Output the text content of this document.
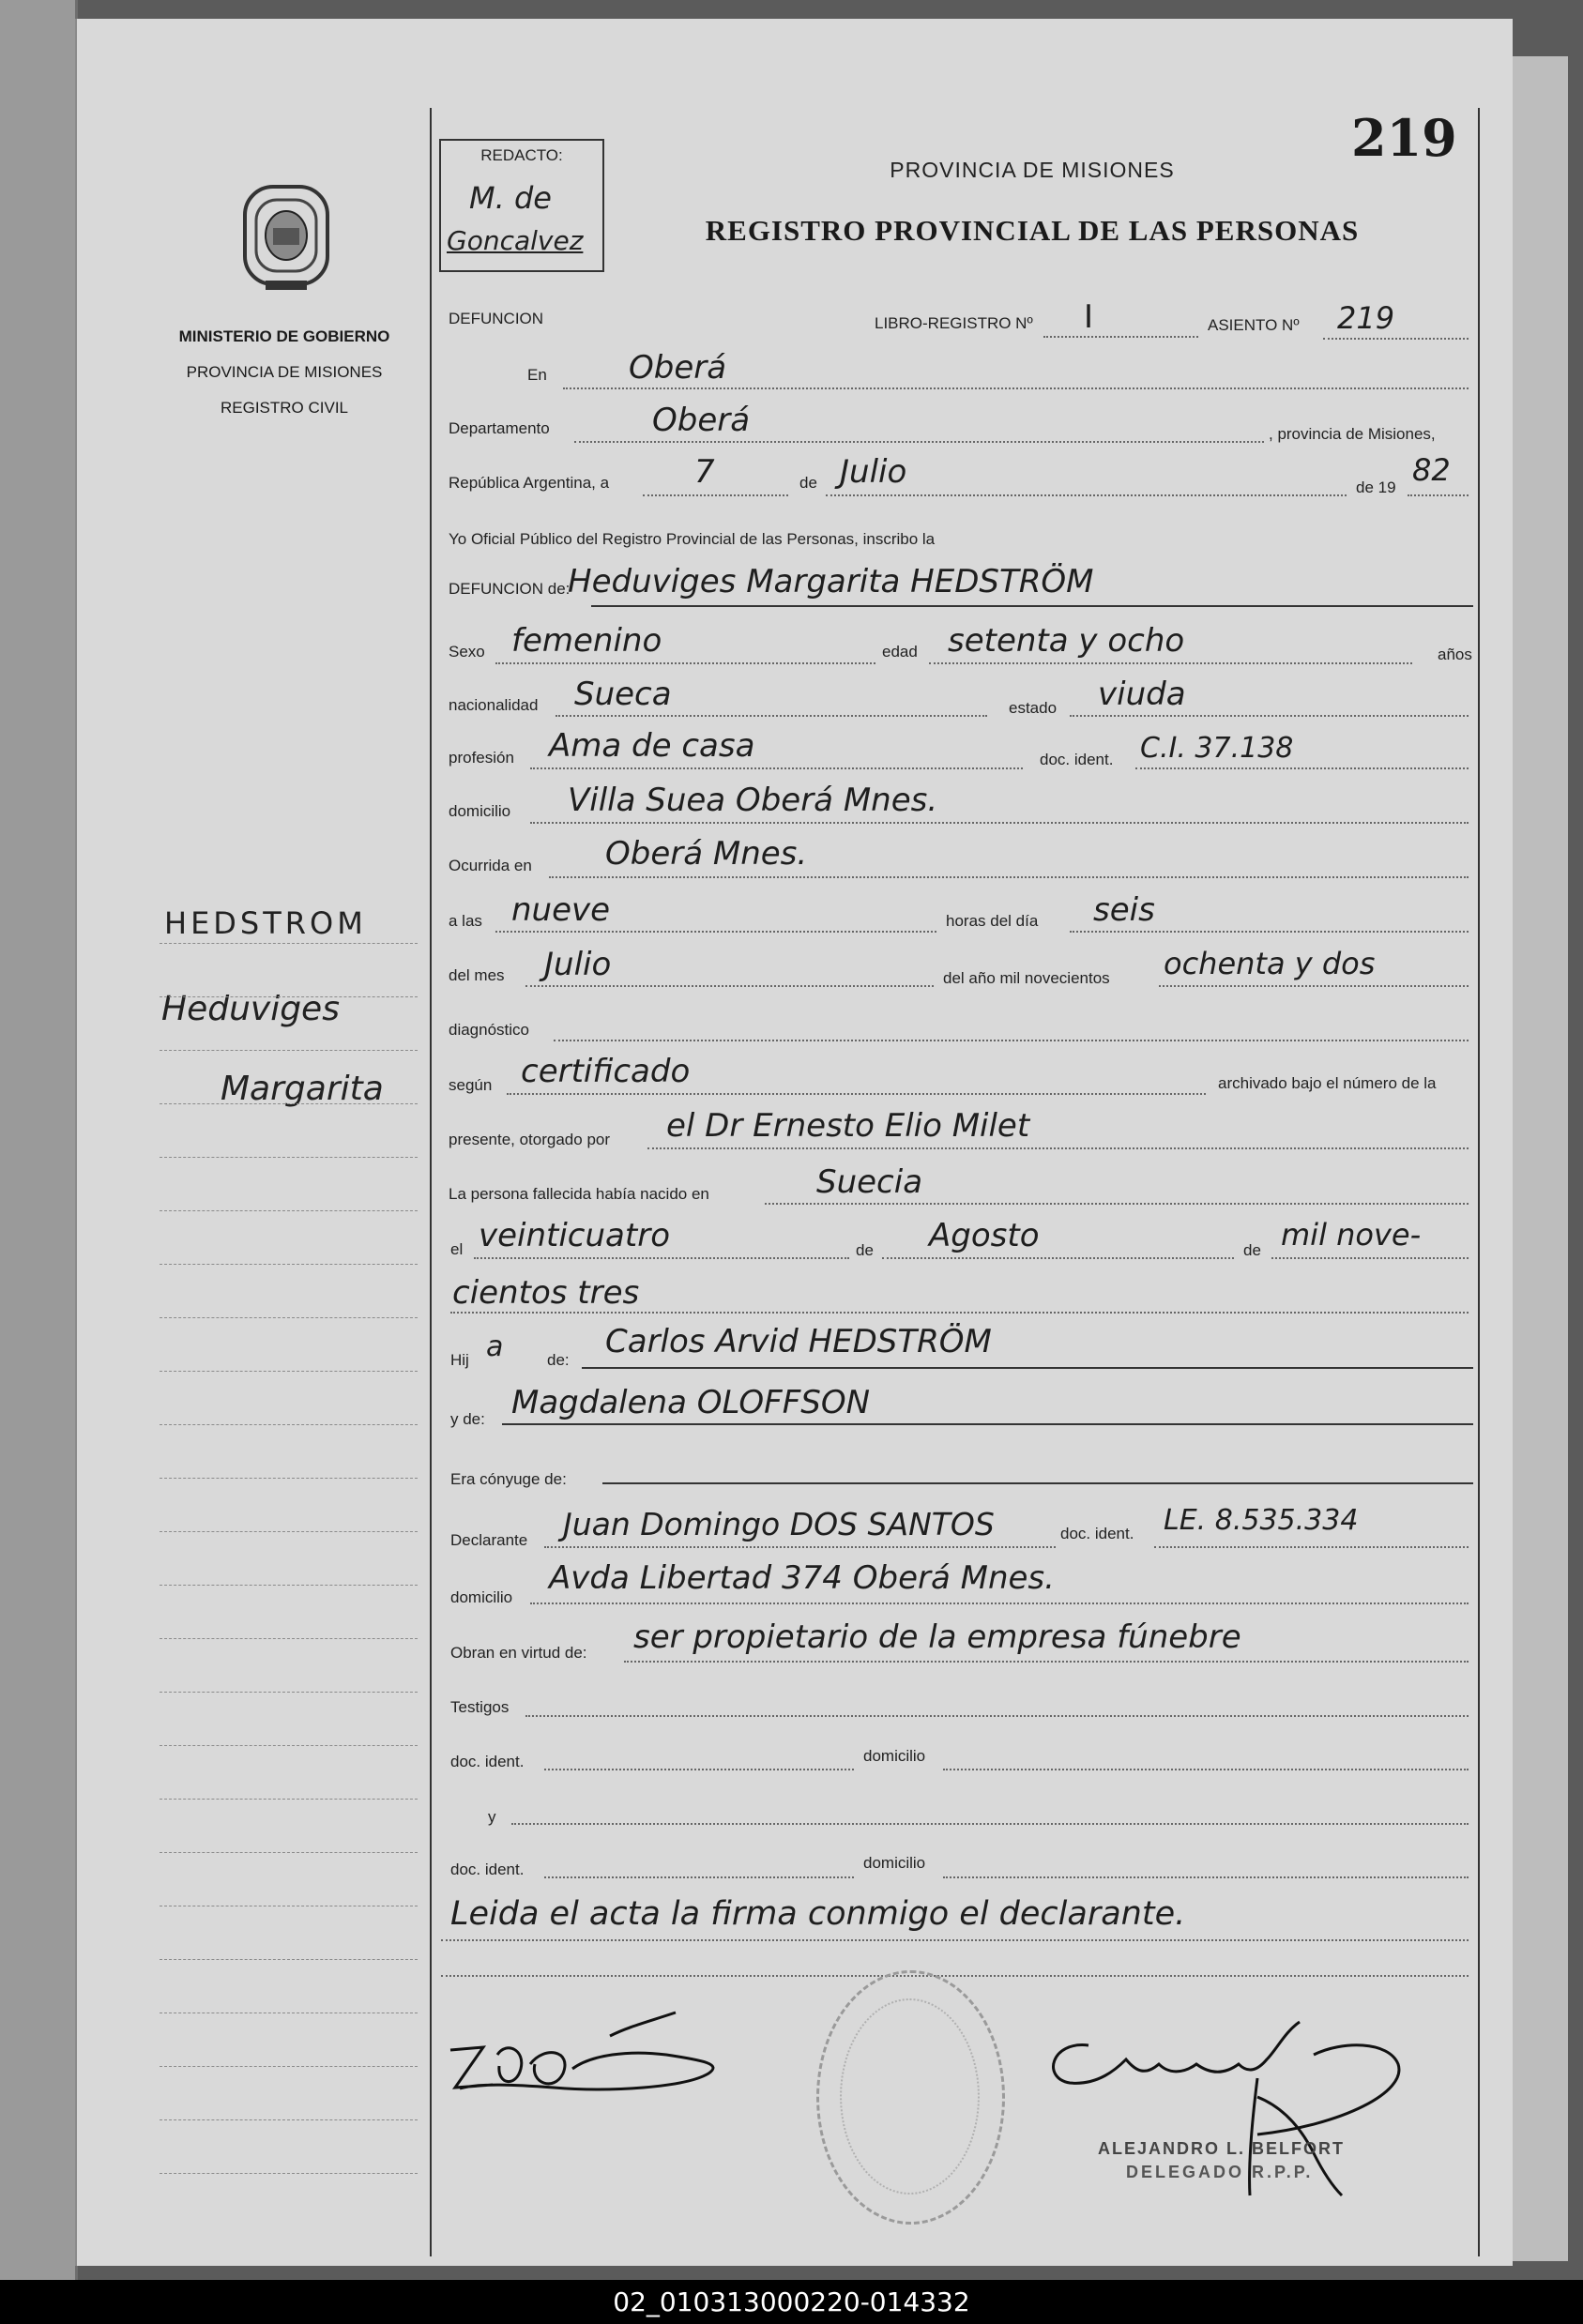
MINISTERIO DE GOBIERNO
PROVINCIA DE MISIONES
REGISTRO CIVIL
HEDSTROM
Heduviges
Margarita
REDACTO:
M. de
Goncalvez
219
PROVINCIA DE MISIONES
REGISTRO PROVINCIAL DE LAS PERSONAS
DEFUNCION	LIBRO-REGISTRO Nº I	ASIENTO Nº 219
En	Oberá
Departamento	Oberá	, provincia de Misiones,
República Argentina, a	7	de Julio	de 19 82
Yo Oficial Público del Registro Provincial de las Personas, inscribo la
DEFUNCION de:
Heduviges Margarita HEDSTRÖM
Sexo femenino	edad setenta y ocho	años
nacionalidad Sueca	estado viuda
profesión Ama de casa	doc. ident. C.I. 37.138
domicilio Villa Suea Oberá Mnes.
Ocurrida en Oberá Mnes.
a las nueve	horas del día seis
del mes Julio	del año mil novecientos ochenta y dos
diagnóstico
según certificado	archivado bajo el número de la
presente, otorgado por el Dr Ernesto Elio Milet
La persona fallecida había nacido en	Suecia
el veinticuatro	de Agosto	de mil nove-
cientos tres
Hij a	de: Carlos Arvid HEDSTRÖM
y de: Magdalena OLOFFSON
Era cónyuge de:
Declarante Juan Domingo DOS SANTOS	doc. ident. LE. 8.535.334
domicilio
Avda Libertad 374 Oberá Mnes.
Obran en virtud de: ser propietario de la empresa fúnebre
Testigos
doc. ident.	domicilio
y
doc. ident.	domicilio
Leida el acta la firma conmigo el declarante.
ALEJANDRO L. BELFORT
DELEGADO R.P.P.
02_010313000220-014332
